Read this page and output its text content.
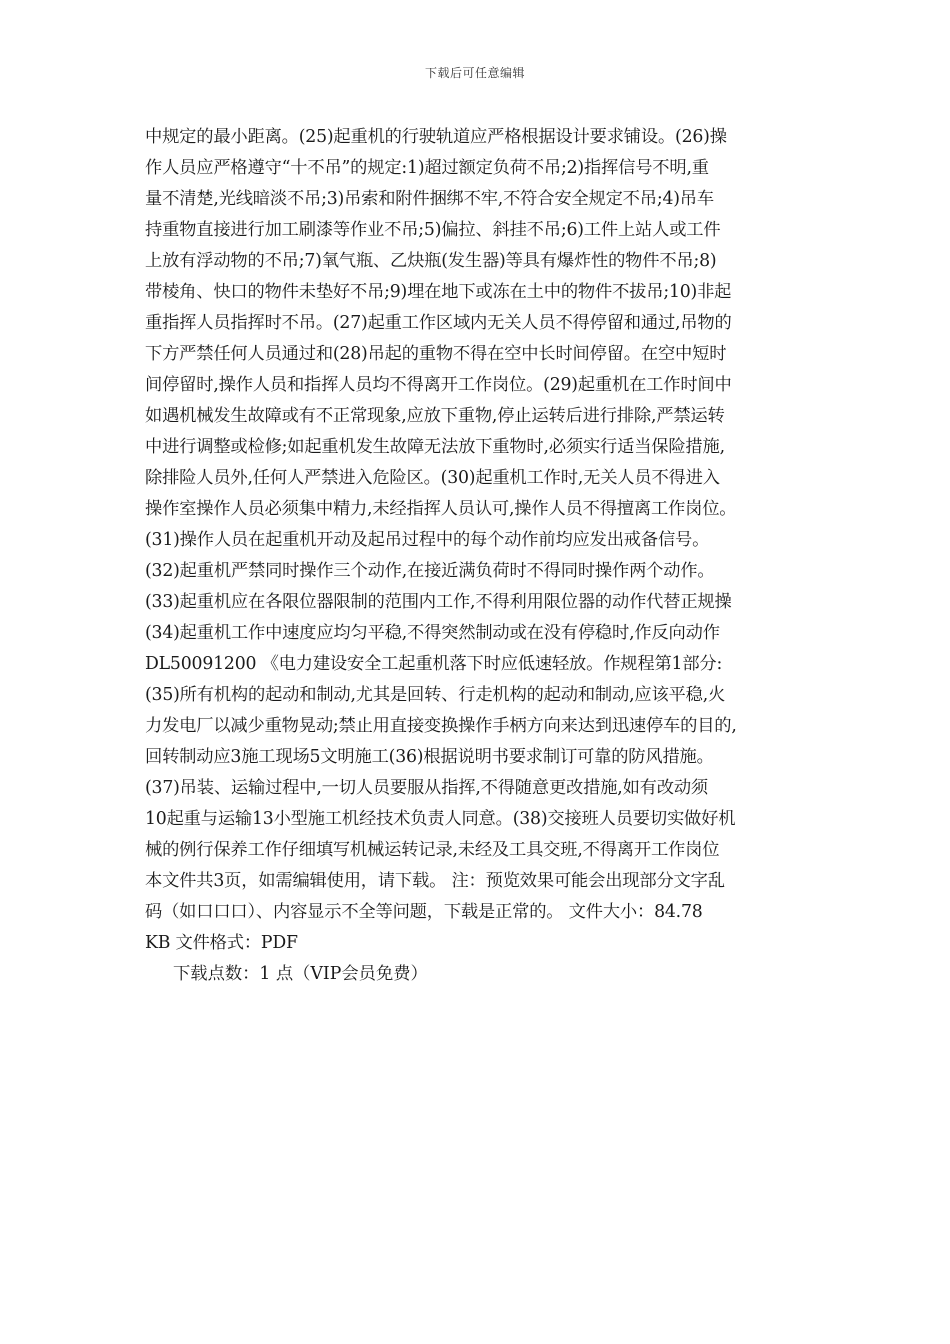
下载后可任意编辑
中规定的最小距离。(25)起重机的行驶轨道应严格根据设计要求铺设。(26)操
作人员应严格遵守“十不吊”的规定:1)超过额定负荷不吊;2)指挥信号不明,重
量不清楚,光线暗淡不吊;3)吊索和附件捆绑不牢,不符合安全规定不吊;4)吊车
持重物直接进行加工刷漆等作业不吊;5)偏拉、斜挂不吊;6)工件上站人或工件
上放有浮动物的不吊;7)氧气瓶、乙炔瓶(发生器)等具有爆炸性的物件不吊;8)
带棱角、快口的物件未垫好不吊;9)埋在地下或冻在土中的物件不拔吊;10)非起
重指挥人员指挥时不吊。(27)起重工作区域内无关人员不得停留和通过,吊物的
下方严禁任何人员通过和(28)吊起的重物不得在空中长时间停留。在空中短时
间停留时,操作人员和指挥人员均不得离开工作岗位。(29)起重机在工作时间中
如遇机械发生故障或有不正常现象,应放下重物,停止运转后进行排除,严禁运转
中进行调整或检修;如起重机发生故障无法放下重物时,必须实行适当保险措施,
除排险人员外,任何人严禁进入危险区。(30)起重机工作时,无关人员不得进入
操作室操作人员必须集中精力,未经指挥人员认可,操作人员不得擅离工作岗位。
(31)操作人员在起重机开动及起吊过程中的每个动作前均应发出戒备信号。
(32)起重机严禁同时操作三个动作,在接近满负荷时不得同时操作两个动作。
(33)起重机应在各限位器限制的范围内工作,不得利用限位器的动作代替正规操
(34)起重机工作中速度应均匀平稳,不得突然制动或在没有停稳时,作反向动作
DL50091200 《电力建设安全工起重机落下时应低速轻放。作规程第1部分:
(35)所有机构的起动和制动,尤其是回转、行走机构的起动和制动,应该平稳,火
力发电厂以减少重物晃动;禁止用直接变换操作手柄方向来达到迅速停车的目的,
回转制动应3施工现场5文明施工(36)根据说明书要求制订可靠的防风措施。
(37)吊装、运输过程中,一切人员要服从指挥,不得随意更改措施,如有改动须
10起重与运输13小型施工机经技术负责人同意。(38)交接班人员要切实做好机
械的例行保养工作仔细填写机械运转记录,未经及工具交班,不得离开工作岗位
本文件共3页，如需编辑使用，请下载。 注：预览效果可能会出现部分文字乱
码（如口口口）、内容显示不全等问题，下载是正常的。 文件大小：84.78
KB 文件格式：PDF
下载点数：1 点（VIP会员免费）
